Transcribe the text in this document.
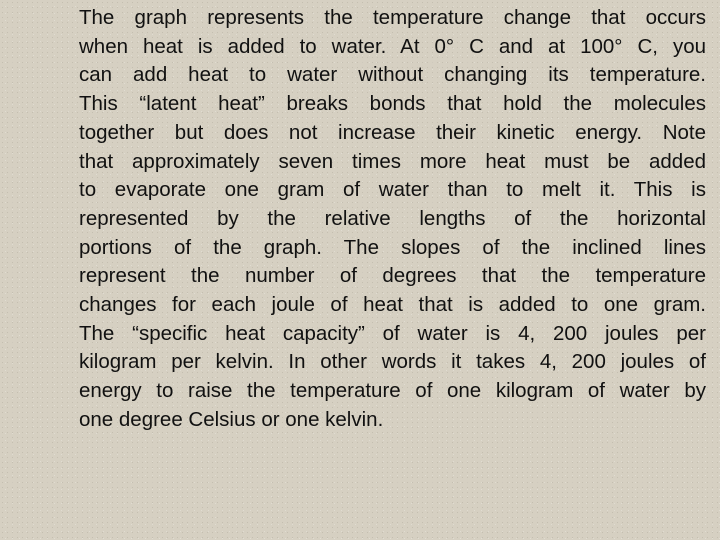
The graph represents the temperature change that occurs
when heat is added to water. At 0° C and at 100° C, you
can add heat to water without changing its temperature.
This “latent heat” breaks bonds that hold the molecules
together but does not increase their kinetic energy. Note
that approximately seven times more heat must be added
to evaporate one gram of water than to melt it. This is
represented by the relative lengths of the horizontal
portions of the graph. The slopes of the inclined lines
represent the number of degrees that the temperature
changes for each joule of heat that is added to one gram.
The “specific heat capacity” of water is 4, 200 joules per
kilogram per kelvin. In other words it takes 4, 200 joules of
energy to raise the temperature of one kilogram of water by
one degree Celsius or one kelvin.
